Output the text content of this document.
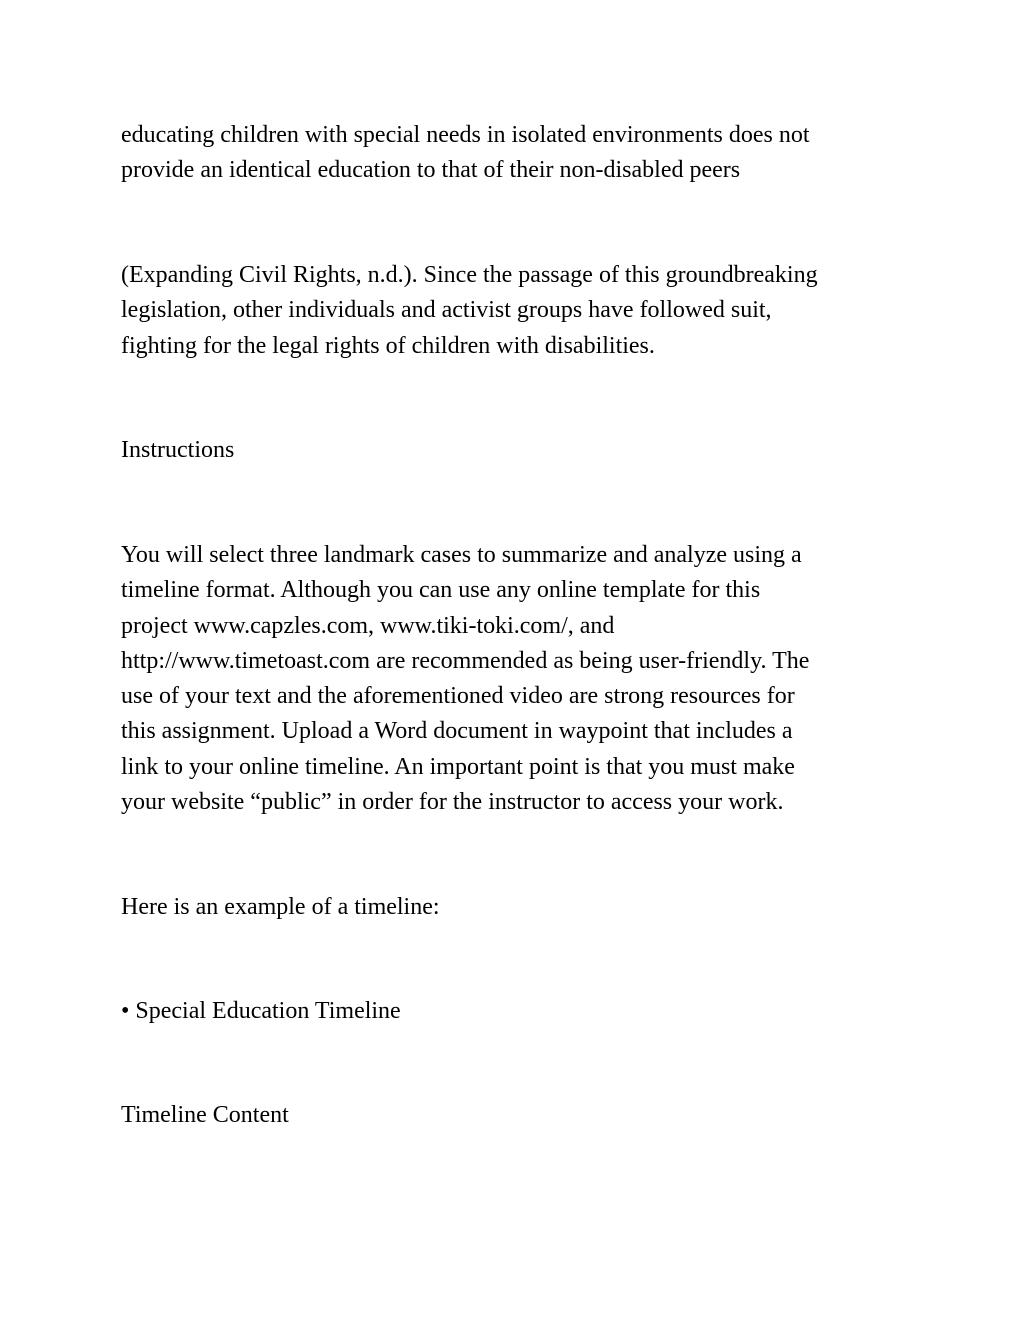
educating children with special needs in isolated environments does not
provide an identical education to that of their non-disabled peers

(Expanding Civil Rights, n.d.). Since the passage of this groundbreaking
legislation, other individuals and activist groups have followed suit,
fighting for the legal rights of children with disabilities.

Instructions

You will select three landmark cases to summarize and analyze using a
timeline format. Although you can use any online template for this
project www.capzles.com, www.tiki-toki.com/, and
http://www.timetoast.com are recommended as being user-friendly. The
use of your text and the aforementioned video are strong resources for
this assignment. Upload a Word document in waypoint that includes a
link to your online timeline. An important point is that you must make
your website “public” in order for the instructor to access your work.

Here is an example of a timeline:

• Special Education Timeline

Timeline Content
